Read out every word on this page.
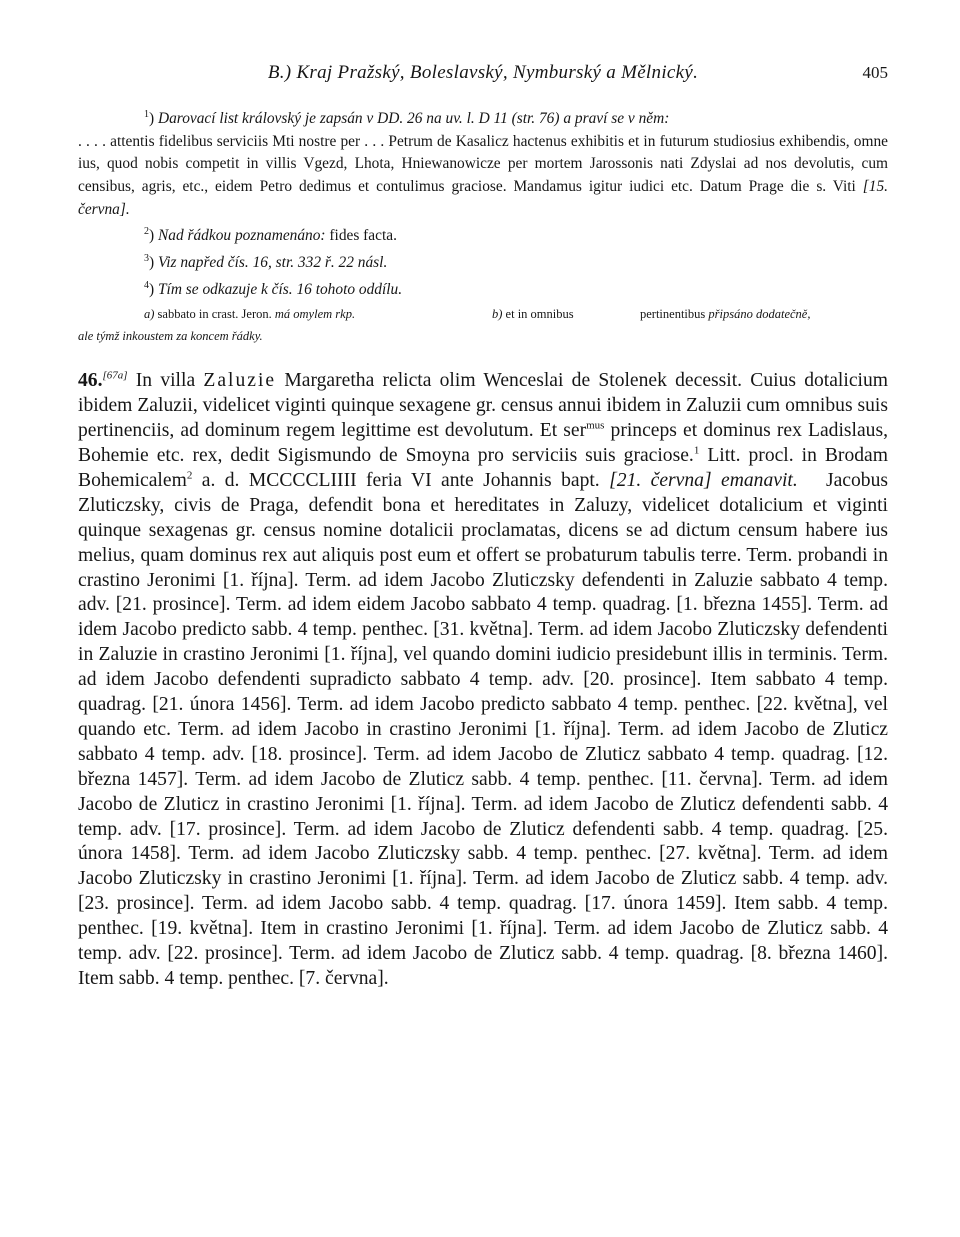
B.) Kraj Pražský, Boleslavský, Nymburský a Mělnický.	405

$^1$) Darovací list královský je zapsán v DD. 26 na uv. l. D 11 (str. 76) a praví se v něm:

. . . . attentis fidelibus serviciis Mti nostre per . . . Petrum de Kasalicz hactenus exhibitis et in futurum studiosius exhibendis, omne ius, quod nobis competit in villis Vgezd, Lhota, Hniewanowicze per mortem Jarossonis nati Zdyslai ad nos devolutis, cum censibus, agris, etc., eidem Petro dedimus et contulimus graciose. Mandamus igitur iudici etc. Datum Prage die s. Viti [15. června].

$^2$) Nad řádkou poznamenáno: fides facta.

$^3$) Viz napřed čís. 16, str. 332 ř. 22 násl.

$^4$) Tím se odkazuje k čís. 16 tohoto oddílu.

a) sabbato in crast. Jeron. má omylem rkp.	b) et in omnibus	pertinentibus připsáno dodatečně,
ale týmž inkoustem za koncem řádky.

46.[67a] In villa Zaluzie Margaretha relicta olim Wenceslai de Stolenek decessit. Cuius dotalicium ibidem Zaluzii, videlicet viginti quinque sexagene gr. census annui ibidem in Zaluzii cum omnibus suis pertinenciis, ad dominum regem legittime est devolutum. Et ser$^{mus}$ princeps et dominus rex Ladislaus, Bohemie etc. rex, dedit Sigismundo de Smoyna pro serviciis suis graciose.$^1$ Litt. procl. in Brodam Bohemicalem$^2$ a. d. MCCCCLIIII feria VI ante Johannis bapt. [21. června] emanavit. Jacobus Zluticzsky, civis de Praga, defendit bona et hereditates in Zaluzy, videlicet dotalicium et viginti quinque sexagenas gr. census nomine dotalicii proclamatas, dicens se ad dictum censum habere ius melius, quam dominus rex aut aliquis post eum et offert se probaturum tabulis terre. Term. probandi in crastino Jeronimi [1. října]. Term. ad idem Jacobo Zluticzsky defendenti in Zaluzie sabbato 4 temp. adv. [21. prosince]. Term. ad idem eidem Jacobo sabbato 4 temp. quadrag. [1. března 1455]. Term. ad idem Jacobo predicto sabb. 4 temp. penthec. [31. května]. Term. ad idem Jacobo Zluticzsky defendenti in Zaluzie in crastino Jeronimi [1. října], vel quando domini iudicio presidebunt illis in terminis. Term. ad idem Jacobo defendenti supradicto sabbato 4 temp. adv. [20. prosince]. Item sabbato 4 temp. quadrag. [21. února 1456]. Term. ad idem Jacobo predicto sabbato 4 temp. penthec. [22. května], vel quando etc. Term. ad idem Jacobo in crastino Jeronimi [1. října]. Term. ad idem Jacobo de Zluticz sabbato 4 temp. adv. [18. prosince]. Term. ad idem Jacobo de Zluticz sabbato 4 temp. quadrag. [12. března 1457]. Term. ad idem Jacobo de Zluticz sabb. 4 temp. penthec. [11. června]. Term. ad idem Jacobo de Zluticz in crastino Jeronimi [1. října]. Term. ad idem Jacobo de Zluticz defendenti sabb. 4 temp. adv. [17. prosince]. Term. ad idem Jacobo de Zluticz defendenti sabb. 4 temp. quadrag. [25. února 1458]. Term. ad idem Jacobo Zluticzsky sabb. 4 temp. penthec. [27. května]. Term. ad idem Jacobo Zluticzsky in crastino Jeronimi [1. října]. Term. ad idem Jacobo de Zluticz sabb. 4 temp. adv. [23. prosince]. Term. ad idem Jacobo sabb. 4 temp. quadrag. [17. února 1459]. Item sabb. 4 temp. penthec. [19. května]. Item in crastino Jeronimi [1. října]. Term. ad idem Jacobo de Zluticz sabb. 4 temp. adv. [22. prosince]. Term. ad idem Jacobo de Zluticz sabb. 4 temp. quadrag. [8. března 1460]. Item sabb. 4 temp. penthec. [7. června].
